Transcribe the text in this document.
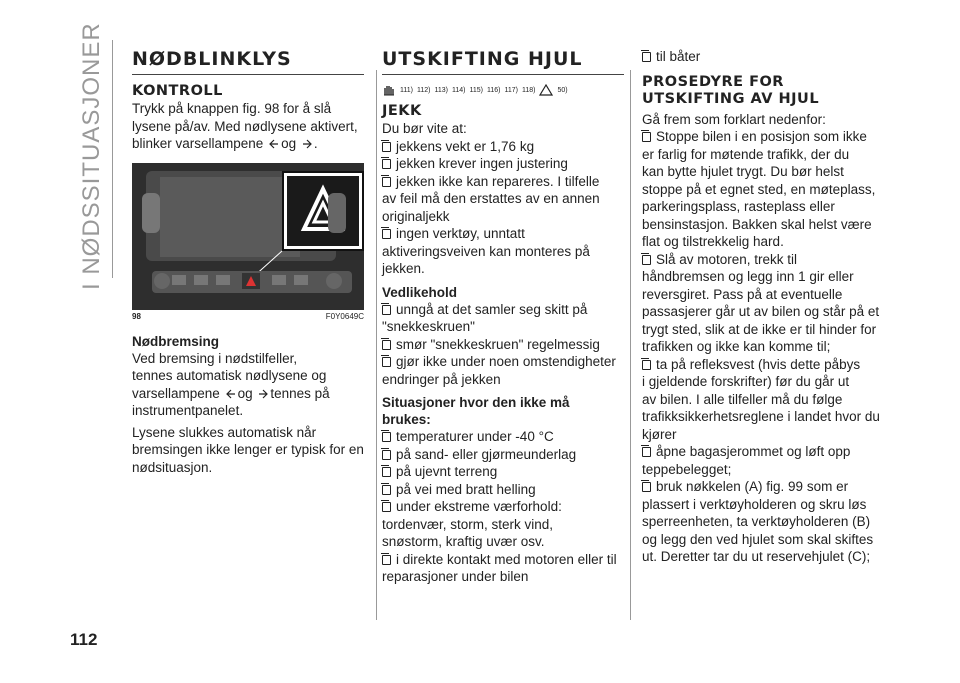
I NØDSSITUASJONER
112
NØDBLINKLYS
KONTROLL

Trykk på knappen fig. 98 for å slå

lysene på/av. Med nødlysene aktivert,

blinker varsellampene og .

98	F0Y0649C
Nødbremsing

Ved bremsing i nødstilfeller,

tennes automatisk nødlysene og

varsellampene og tennes på

instrumentpanelet.

Lysene slukkes automatisk når

bremsingen ikke lenger er typisk for en

nødsituasjon.

UTSKIFTING HJUL
111) 112) 113) 114) 115) 116) 117) 118)	50)
JEKK

Du bør vite at:

jekkens vekt er 1,76 kg
jekken krever ingen justering
jekken ikke kan repareres. I tilfelle

av feil må den erstattes av en annen

originaljekk

ingen verktøy, unntatt

aktiveringsveiven kan monteres på

jekken.

Vedlikehold
unngå at det samler seg skitt på

"snekkeskruen"

smør "snekkeskruen" regelmessig
gjør ikke under noen omstendigheter

endringer på jekken

Situasjoner hvor den ikke må
brukes:
temperaturer under -40 °C
på sand- eller gjørmeunderlag
på ujevnt terreng
på vei med bratt helling
under ekstreme værforhold:

tordenvær, storm, sterk vind,

snøstorm, kraftig uvær osv.

i direkte kontakt med motoren eller til

reparasjoner under bilen

til båter
PROSEDYRE FOR
UTSKIFTING AV HJUL

Gå frem som forklart nedenfor:

Stoppe bilen i en posisjon som ikke
er farlig for møtende trafikk, der du
kan bytte hjulet trygt. Du bør helst
stoppe på et egnet sted, en møteplass,
parkeringsplass, rasteplass eller
bensinstasjon. Bakken skal helst være
flat og tilstrekkelig hard.
Slå av motoren, trekk til
håndbremsen og legg inn 1 gir eller
reversgiret. Pass på at eventuelle
passasjerer går ut av bilen og står på et
trygt sted, slik at de ikke er til hinder for
trafikken og ikke kan komme til;
ta på refleksvest (hvis dette påbys
i gjeldende forskrifter) før du går ut
av bilen. I alle tilfeller må du følge
trafikksikkerhetsreglene i landet hvor du
kjører
åpne bagasjerommet og løft opp
teppebelegget;
bruk nøkkelen (A) fig. 99 som er
plassert i verktøyholderen og skru løs
sperreenheten, ta verktøyholderen (B)
og legg den ved hjulet som skal skiftes
ut. Deretter tar du ut reservehjulet (C);
